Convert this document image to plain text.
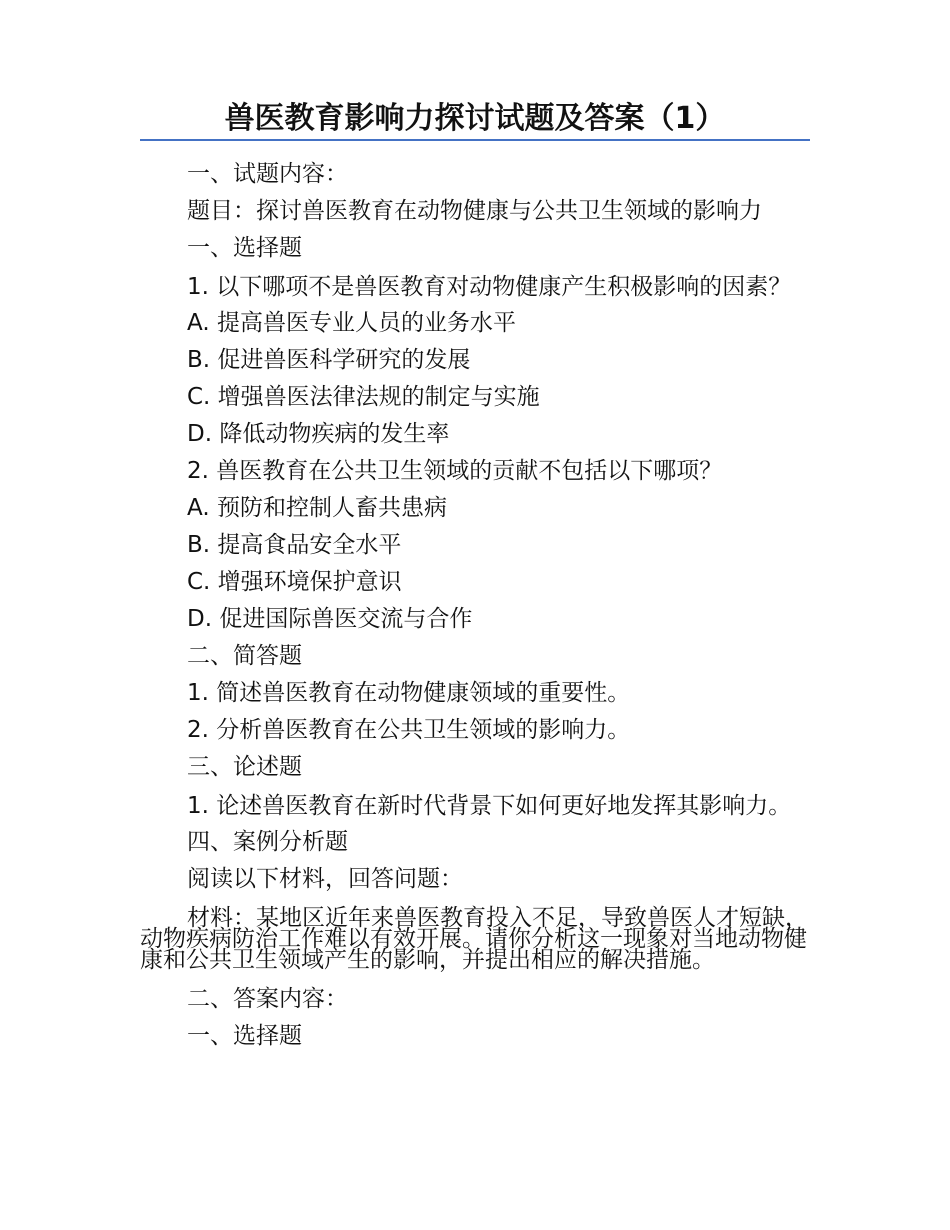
兽医教育影响力探讨试题及答案（1）
一、试题内容：
题目：探讨兽医教育在动物健康与公共卫生领域的影响力
一、选择题
1. 以下哪项不是兽医教育对动物健康产生积极影响的因素？
A. 提高兽医专业人员的业务水平
B. 促进兽医科学研究的发展
C. 增强兽医法律法规的制定与实施
D. 降低动物疾病的发生率
2. 兽医教育在公共卫生领域的贡献不包括以下哪项？
A. 预防和控制人畜共患病
B. 提高食品安全水平
C. 增强环境保护意识
D. 促进国际兽医交流与合作
二、简答题
1. 简述兽医教育在动物健康领域的重要性。
2. 分析兽医教育在公共卫生领域的影响力。
三、论述题
1. 论述兽医教育在新时代背景下如何更好地发挥其影响力。
四、案例分析题
阅读以下材料，回答问题：
材料：某地区近年来兽医教育投入不足，导致兽医人才短缺，动物疾病防治工作难以有效开展。请你分析这一现象对当地动物健康和公共卫生领域产生的影响，并提出相应的解决措施。
二、答案内容：
一、选择题
